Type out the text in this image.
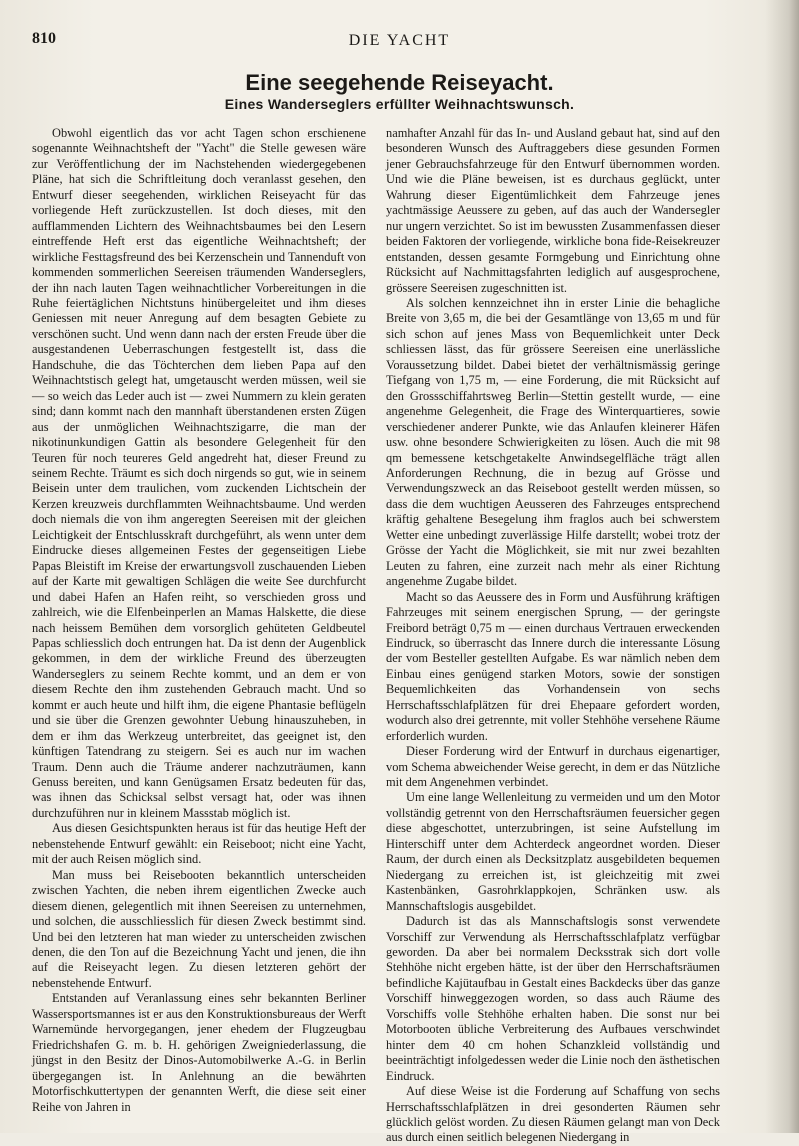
810	DIE YACHT
Eine seegehende Reiseyacht.
Eines Wanderseglers erfüllter Weihnachtswunsch.

Obwohl eigentlich das vor acht Tagen schon erschienene sogenannte Weihnachtsheft der "Yacht" die Stelle gewesen wäre zur Veröffentlichung der im Nachstehenden wiedergegebenen Pläne, hat sich die Schriftleitung doch veranlasst gesehen, den Entwurf dieser seegehenden, wirklichen Reiseyacht für das vorliegende Heft zurückzustellen. Ist doch dieses, mit den aufflammenden Lichtern des Weihnachtsbaumes bei den Lesern eintreffende Heft erst das eigentliche Weihnachtsheft; der wirkliche Festtagsfreund des bei Kerzenschein und Tannenduft von kommenden sommerlichen Seereisen träumenden Wanderseglers, der ihn nach lauten Tagen weihnachtlicher Vorbereitungen in die Ruhe feiertäglichen Nichtstuns hinübergeleitet und ihm dieses Geniessen mit neuer Anregung auf dem besagten Gebiete zu verschönen sucht. Und wenn dann nach der ersten Freude über die ausgestandenen Ueberraschungen festgestellt ist, dass die Handschuhe, die das Töchterchen dem lieben Papa auf den Weihnachtstisch gelegt hat, umgetauscht werden müssen, weil sie — so weich das Leder auch ist — zwei Nummern zu klein geraten sind; dann kommt nach den mannhaft überstandenen ersten Zügen aus der unmöglichen Weihnachtszigarre, die man der nikotinunkundigen Gattin als besondere Gelegenheit für den Teuren für noch teureres Geld angedreht hat, dieser Freund zu seinem Rechte. Träumt es sich doch nirgends so gut, wie in seinem Beisein unter dem traulichen, vom zuckenden Lichtschein der Kerzen kreuzweis durchflammten Weihnachtsbaume. Und werden doch niemals die von ihm angeregten Seereisen mit der gleichen Leichtigkeit der Entschlusskraft durchgeführt, als wenn unter dem Eindrucke dieses allgemeinen Festes der gegenseitigen Liebe Papas Bleistift im Kreise der erwartungsvoll zuschauenden Lieben auf der Karte mit gewaltigen Schlägen die weite See durchfurcht und dabei Hafen an Hafen reiht, so verschieden gross und zahlreich, wie die Elfenbeinperlen an Mamas Halskette, die diese nach heissem Bemühen dem vorsorglich gehüteten Geldbeutel Papas schliesslich doch entrungen hat. Da ist denn der Augenblick gekommen, in dem der wirkliche Freund des überzeugten Wanderseglers zu seinem Rechte kommt, und an dem er von diesem Rechte den ihm zustehenden Gebrauch macht. Und so kommt er auch heute und hilft ihm, die eigene Phantasie beflügeln und sie über die Grenzen gewohnter Uebung hinauszuheben, in dem er ihm das Werkzeug unterbreitet, das geeignet ist, den künftigen Tatendrang zu steigern. Sei es auch nur im wachen Traum. Denn auch die Träume anderer nachzuträumen, kann Genuss bereiten, und kann Genügsamen Ersatz bedeuten für das, was ihnen das Schicksal selbst versagt hat, oder was ihnen durchzuführen nur in kleinem Massstab möglich ist.

Aus diesen Gesichtspunkten heraus ist für das heutige Heft der nebenstehende Entwurf gewählt: ein Reiseboot; nicht eine Yacht, mit der auch Reisen möglich sind.

Man muss bei Reisebooten bekanntlich unterscheiden zwischen Yachten, die neben ihrem eigentlichen Zwecke auch diesem dienen, gelegentlich mit ihnen Seereisen zu unternehmen, und solchen, die ausschliesslich für diesen Zweck bestimmt sind. Und bei den letzteren hat man wieder zu unterscheiden zwischen denen, die den Ton auf die Bezeichnung Yacht und jenen, die ihn auf die Reiseyacht legen. Zu diesen letzteren gehört der nebenstehende Entwurf.

Entstanden auf Veranlassung eines sehr bekannten Berliner Wassersportsmannes ist er aus den Konstruktionsbureaus der Werft Warnemünde hervorgegangen, jener ehedem der Flugzeugbau Friedrichshafen G. m. b. H. gehörigen Zweigniederlassung, die jüngst in den Besitz der Dinos-Automobilwerke A.-G. in Berlin übergegangen ist. In Anlehnung an die bewährten Motorfischkuttertypen der genannten Werft, die diese seit einer Reihe von Jahren in

namhafter Anzahl für das In- und Ausland gebaut hat, sind auf den besonderen Wunsch des Auftraggebers diese gesunden Formen jener Gebrauchsfahrzeuge für den Entwurf übernommen worden. Und wie die Pläne beweisen, ist es durchaus geglückt, unter Wahrung dieser Eigentümlichkeit dem Fahrzeuge jenes yachtmässige Aeussere zu geben, auf das auch der Wandersegler nur ungern verzichtet. So ist im bewussten Zusammenfassen dieser beiden Faktoren der vorliegende, wirkliche bona fide-Reisekreuzer entstanden, dessen gesamte Formgebung und Einrichtung ohne Rücksicht auf Nachmittagsfahrten lediglich auf ausgesprochene, grössere Seereisen zugeschnitten ist.

Als solchen kennzeichnet ihn in erster Linie die behagliche Breite von 3,65 m, die bei der Gesamtlänge von 13,65 m und für sich schon auf jenes Mass von Bequemlichkeit unter Deck schliessen lässt, das für grössere Seereisen eine unerlässliche Voraussetzung bildet. Dabei bietet der verhältnismässig geringe Tiefgang von 1,75 m, — eine Forderung, die mit Rücksicht auf den Grossschiffahrtsweg Berlin—Stettin gestellt wurde, — eine angenehme Gelegenheit, die Frage des Winterquartieres, sowie verschiedener anderer Punkte, wie das Anlaufen kleinerer Häfen usw. ohne besondere Schwierigkeiten zu lösen. Auch die mit 98 qm bemessene ketschgetakelte Anwindsegelfläche trägt allen Anforderungen Rechnung, die in bezug auf Grösse und Verwendungszweck an das Reiseboot gestellt werden müssen, so dass die dem wuchtigen Aeusseren des Fahrzeuges entsprechend kräftig gehaltene Besegelung ihm fraglos auch bei schwerstem Wetter eine unbedingt zuverlässige Hilfe darstellt; wobei trotz der Grösse der Yacht die Möglichkeit, sie mit nur zwei bezahlten Leuten zu fahren, eine zurzeit nach mehr als einer Richtung angenehme Zugabe bildet.

Macht so das Aeussere des in Form und Ausführung kräftigen Fahrzeuges mit seinem energischen Sprung, — der geringste Freibord beträgt 0,75 m — einen durchaus Vertrauen erweckenden Eindruck, so überrascht das Innere durch die interessante Lösung der vom Besteller gestellten Aufgabe. Es war nämlich neben dem Einbau eines genügend starken Motors, sowie der sonstigen Bequemlichkeiten das Vorhandensein von sechs Herrschaftsschlafplätzen für drei Ehepaare gefordert worden, wodurch also drei getrennte, mit voller Stehhöhe versehene Räume erforderlich wurden.

Dieser Forderung wird der Entwurf in durchaus eigenartiger, vom Schema abweichender Weise gerecht, in dem er das Nützliche mit dem Angenehmen verbindet.

Um eine lange Wellenleitung zu vermeiden und um den Motor vollständig getrennt von den Herrschaftsräumen feuersicher gegen diese abgeschottet, unterzubringen, ist seine Aufstellung im Hinterschiff unter dem Achterdeck angeordnet worden. Dieser Raum, der durch einen als Decksitzplatz ausgebildeten bequemen Niedergang zu erreichen ist, ist gleichzeitig mit zwei Kastenbänken, Gasrohrklappkojen, Schränken usw. als Mannschaftslogis ausgebildet.

Dadurch ist das als Mannschaftslogis sonst verwendete Vorschiff zur Verwendung als Herrschaftsschlafplatz verfügbar geworden. Da aber bei normalem Decksstrak sich dort volle Stehhöhe nicht ergeben hätte, ist der über den Herrschaftsräumen befindliche Kajütaufbau in Gestalt eines Backdecks über das ganze Vorschiff hinweggezogen worden, so dass auch Räume des Vorschiffs volle Stehhöhe erhalten haben. Die sonst nur bei Motorbooten übliche Verbreiterung des Aufbaues verschwindet hinter dem 40 cm hohen Schanzkleid vollständig und beeinträchtigt infolgedessen weder die Linie noch den ästhetischen Eindruck.

Auf diese Weise ist die Forderung auf Schaffung von sechs Herrschaftsschlafplätzen in drei gesonderten Räumen sehr glücklich gelöst worden. Zu diesen Räumen gelangt man von Deck aus durch einen seitlich belegenen Niedergang in
